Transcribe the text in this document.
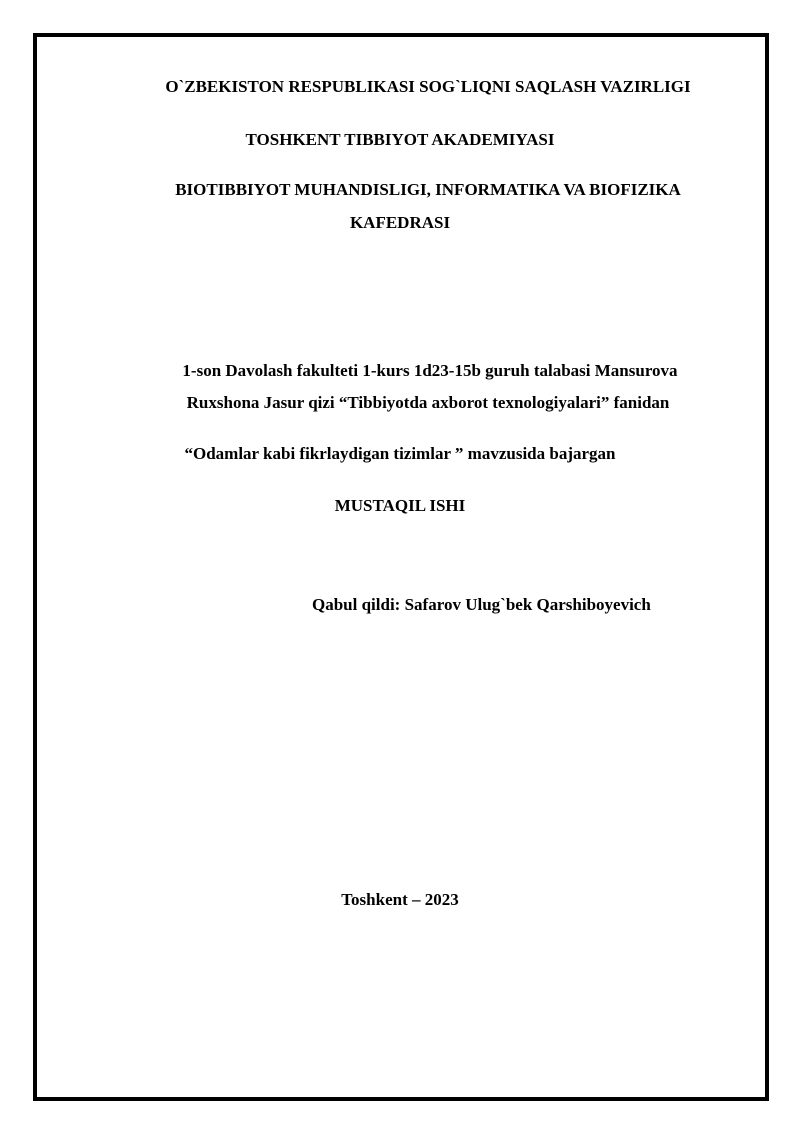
O`ZBEKISTON RESPUBLIKASI SOG`LIQNI SAQLASH VAZIRLIGI
TOSHKENT TIBBIYOT AKADEMIYASI
BIOTIBBIYOT MUHANDISLIGI, INFORMATIKA VA BIOFIZIKA
KAFEDRASI
1-son Davolash fakulteti 1-kurs 1d23-15b guruh talabasi Mansurova
Ruxshona Jasur qizi “Tibbiyotda axborot texnologiyalari” fanidan
“Odamlar kabi fikrlaydigan tizimlar ” mavzusida bajargan
MUSTAQIL ISHI
Qabul qildi: Safarov Ulug`bek Qarshiboyevich
Toshkent – 2023
